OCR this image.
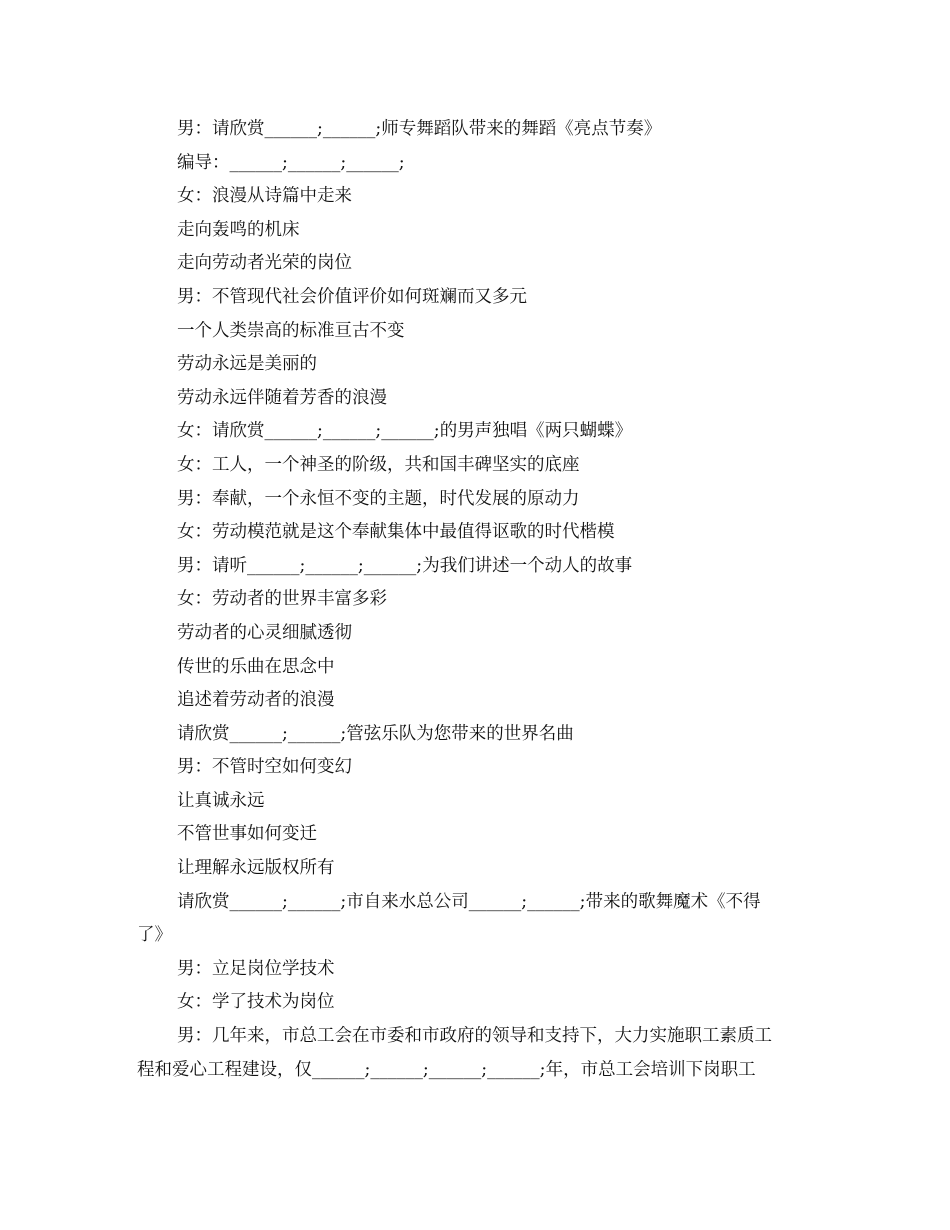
男：请欣赏______;______;师专舞蹈队带来的舞蹈《亮点节奏》
编导：______;______;______;
女：浪漫从诗篇中走来
走向轰鸣的机床
走向劳动者光荣的岗位
男：不管现代社会价值评价如何斑斓而又多元
一个人类崇高的标准亘古不变
劳动永远是美丽的
劳动永远伴随着芳香的浪漫
女：请欣赏______;______;______;的男声独唱《两只蝴蝶》
女：工人，一个神圣的阶级，共和国丰碑坚实的底座
男：奉献，一个永恒不变的主题，时代发展的原动力
女：劳动模范就是这个奉献集体中最值得讴歌的时代楷模
男：请听______;______;______;为我们讲述一个动人的故事
女：劳动者的世界丰富多彩
劳动者的心灵细腻透彻
传世的乐曲在思念中
追述着劳动者的浪漫
请欣赏______;______;管弦乐队为您带来的世界名曲
男：不管时空如何变幻
让真诚永远
不管世事如何变迁
让理解永远版权所有
请欣赏______;______;市自来水总公司______;______;带来的歌舞魔术《不得
了》
男：立足岗位学技术
女：学了技术为岗位
男：几年来，市总工会在市委和市政府的领导和支持下，大力实施职工素质工
程和爱心工程建设，仅______;______;______;______;年，市总工会培训下岗职工
